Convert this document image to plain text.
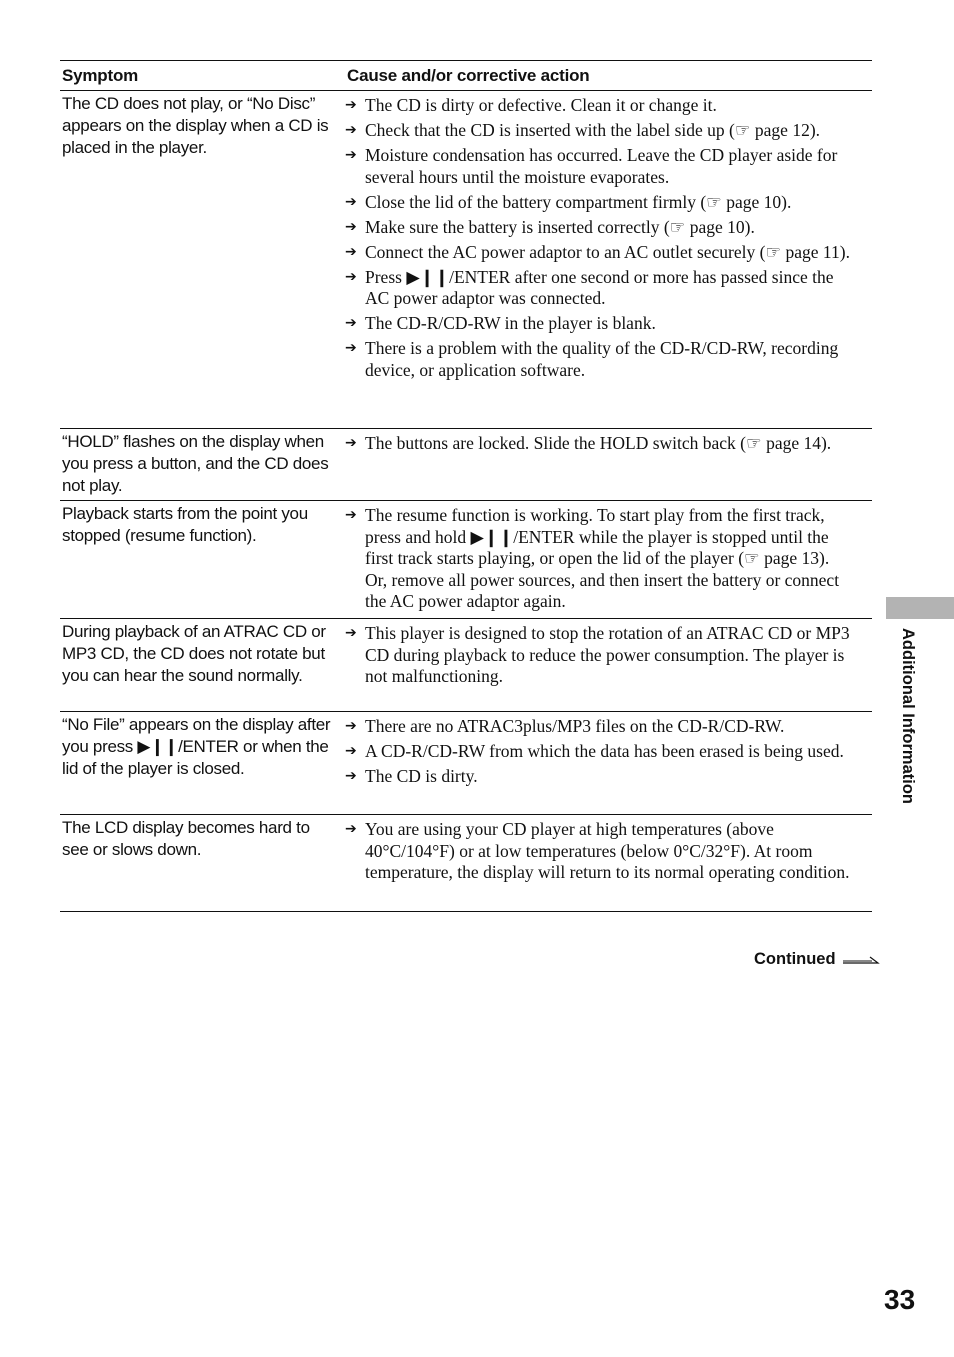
Symptom	Cause and/or corrective action
The CD does not play, or “No Disc” appears on the display when a CD is placed in the player.
➔ The CD is dirty or defective. Clean it or change it.
➔ Check that the CD is inserted with the label side up (☞ page 12).
➔ Moisture condensation has occurred. Leave the CD player aside for several hours until the moisture evaporates.
➔ Close the lid of the battery compartment firmly (☞ page 10).
➔ Make sure the battery is inserted correctly (☞ page 10).
➔ Connect the AC power adaptor to an AC outlet securely (☞ page 11).
➔ Press ▶❙❙/ENTER after one second or more has passed since the AC power adaptor was connected.
➔ The CD-R/CD-RW in the player is blank.
➔ There is a problem with the quality of the CD-R/CD-RW, recording device, or application software.
“HOLD” flashes on the display when you press a button, and the CD does not play.
➔ The buttons are locked. Slide the HOLD switch back (☞ page 14).
Playback starts from the point you stopped (resume function).
➔ The resume function is working. To start play from the first track, press and hold ▶❙❙/ENTER while the player is stopped until the first track starts playing, or open the lid of the player (☞ page 13). Or, remove all power sources, and then insert the battery or connect the AC power adaptor again.
During playback of an ATRAC CD or MP3 CD, the CD does not rotate but you can hear the sound normally.
➔ This player is designed to stop the rotation of an ATRAC CD or MP3 CD during playback to reduce the power consumption. The player is not malfunctioning.
“No File” appears on the display after you press ▶❙❙/ENTER or when the lid of the player is closed.
➔ There are no ATRAC3plus/MP3 files on the CD-R/CD-RW.
➔ A CD-R/CD-RW from which the data has been erased is being used.
➔ The CD is dirty.
The LCD display becomes hard to see or slows down.
➔ You are using your CD player at high temperatures (above 40°C/104°F) or at low temperatures (below 0°C/32°F). At room temperature, the display will return to its normal operating condition.
Additional Information
Continued
33
